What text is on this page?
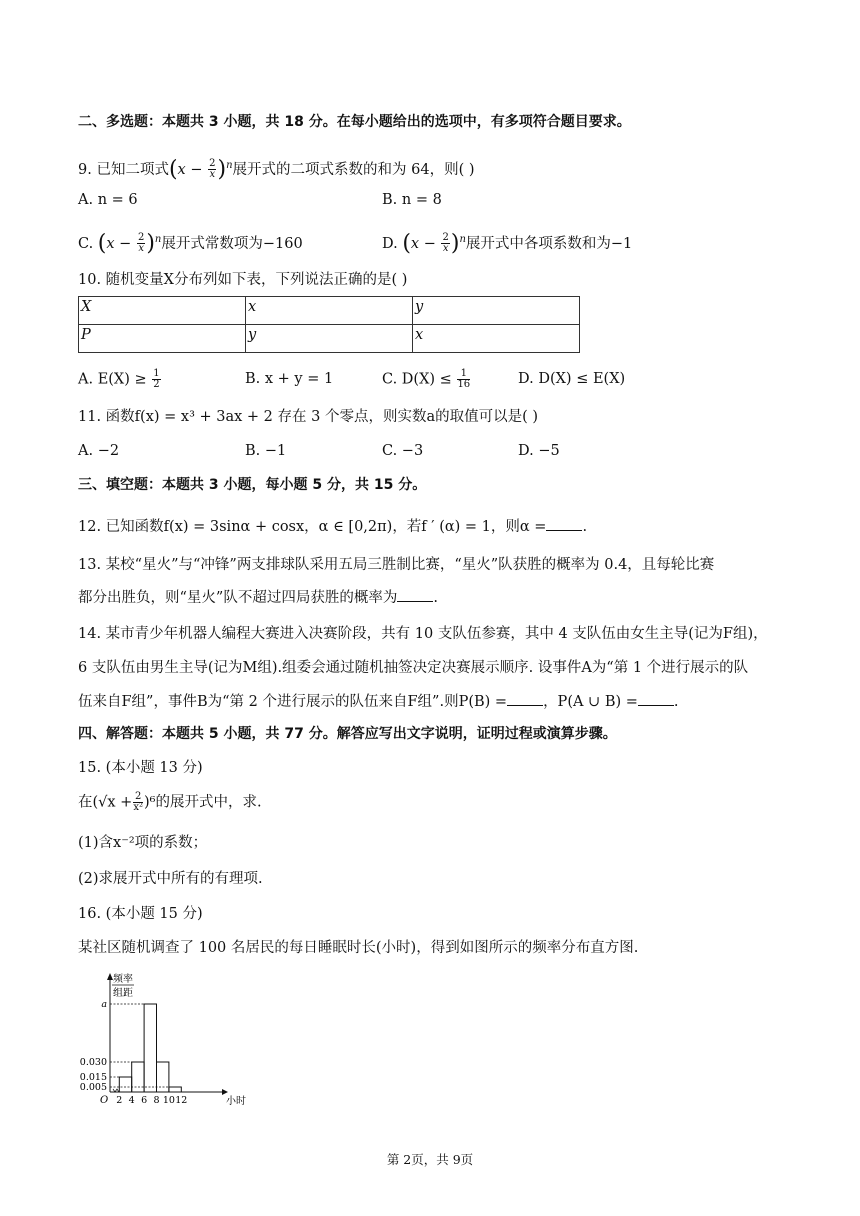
二、多选题：本题共 3 小题，共 18 分。在每小题给出的选项中，有多项符合题目要求。
9. 已知二项式$(x - \frac{2}{x} )^n$展开式的二项式系数的和为 64，则( )
A. n = 6	B. n = 8
C. $(x - \frac{2}{x} )^n$展开式常数项为−160	D. $(x - \frac{2}{x} )^n$展开式中各项系数和为−1
10. 随机变量X分布列如下表，下列说法正确的是( )
X	x	y
P	y	x
A. $E(X) \ge \frac{1}{2}$	B. x + y = 1	C. $D(X) \le \frac{1}{16}$	D. D(X) ≤ E(X)
11. 函数f(x) = x³ + 3ax + 2 存在 3 个零点，则实数a的取值可以是( )
A. −2	B. −1	C. −3	D. −5
三、填空题：本题共 3 小题，每小题 5 分，共 15 分。
12. 已知函数f(x) = 3sinα + cosx，α ∈ [0,2π)，若f ′ (α) = 1，则α = .
13. 某校“星火”与“冲锋”两支排球队采用五局三胜制比赛，“星火”队获胜的概率为 0.4，且每轮比赛
都分出胜负，则“星火”队不超过四局获胜的概率为 .
14. 某市青少年机器人编程大赛进入决赛阶段，共有 10 支队伍参赛，其中 4 支队伍由女生主导(记为F组)，
6 支队伍由男生主导(记为M组).组委会通过随机抽签决定决赛展示顺序. 设事件A为“第 1 个进行展示的队
伍来自F组”，事件B为“第 2 个进行展示的队伍来自F组”.则P(B) = ，P(A ∪ B) = .
四、解答题：本题共 5 小题，共 77 分。解答应写出文字说明，证明过程或演算步骤。
15. (本小题 13 分)
在$(√x + \frac{2}{\text{x²}} )^6$的展开式中，求.
(1)含x⁻²项的系数；
(2)求展开式中所有的有理项.
16. (本小题 15 分)
某社区随机调查了 100 名居民的每日睡眠时长(小时)，得到如图所示的频率分布直方图.
频率
组距
a
0.030
0.015
0.005
2 4 6 8 10 12
O	小时
第 2页，共 9页
